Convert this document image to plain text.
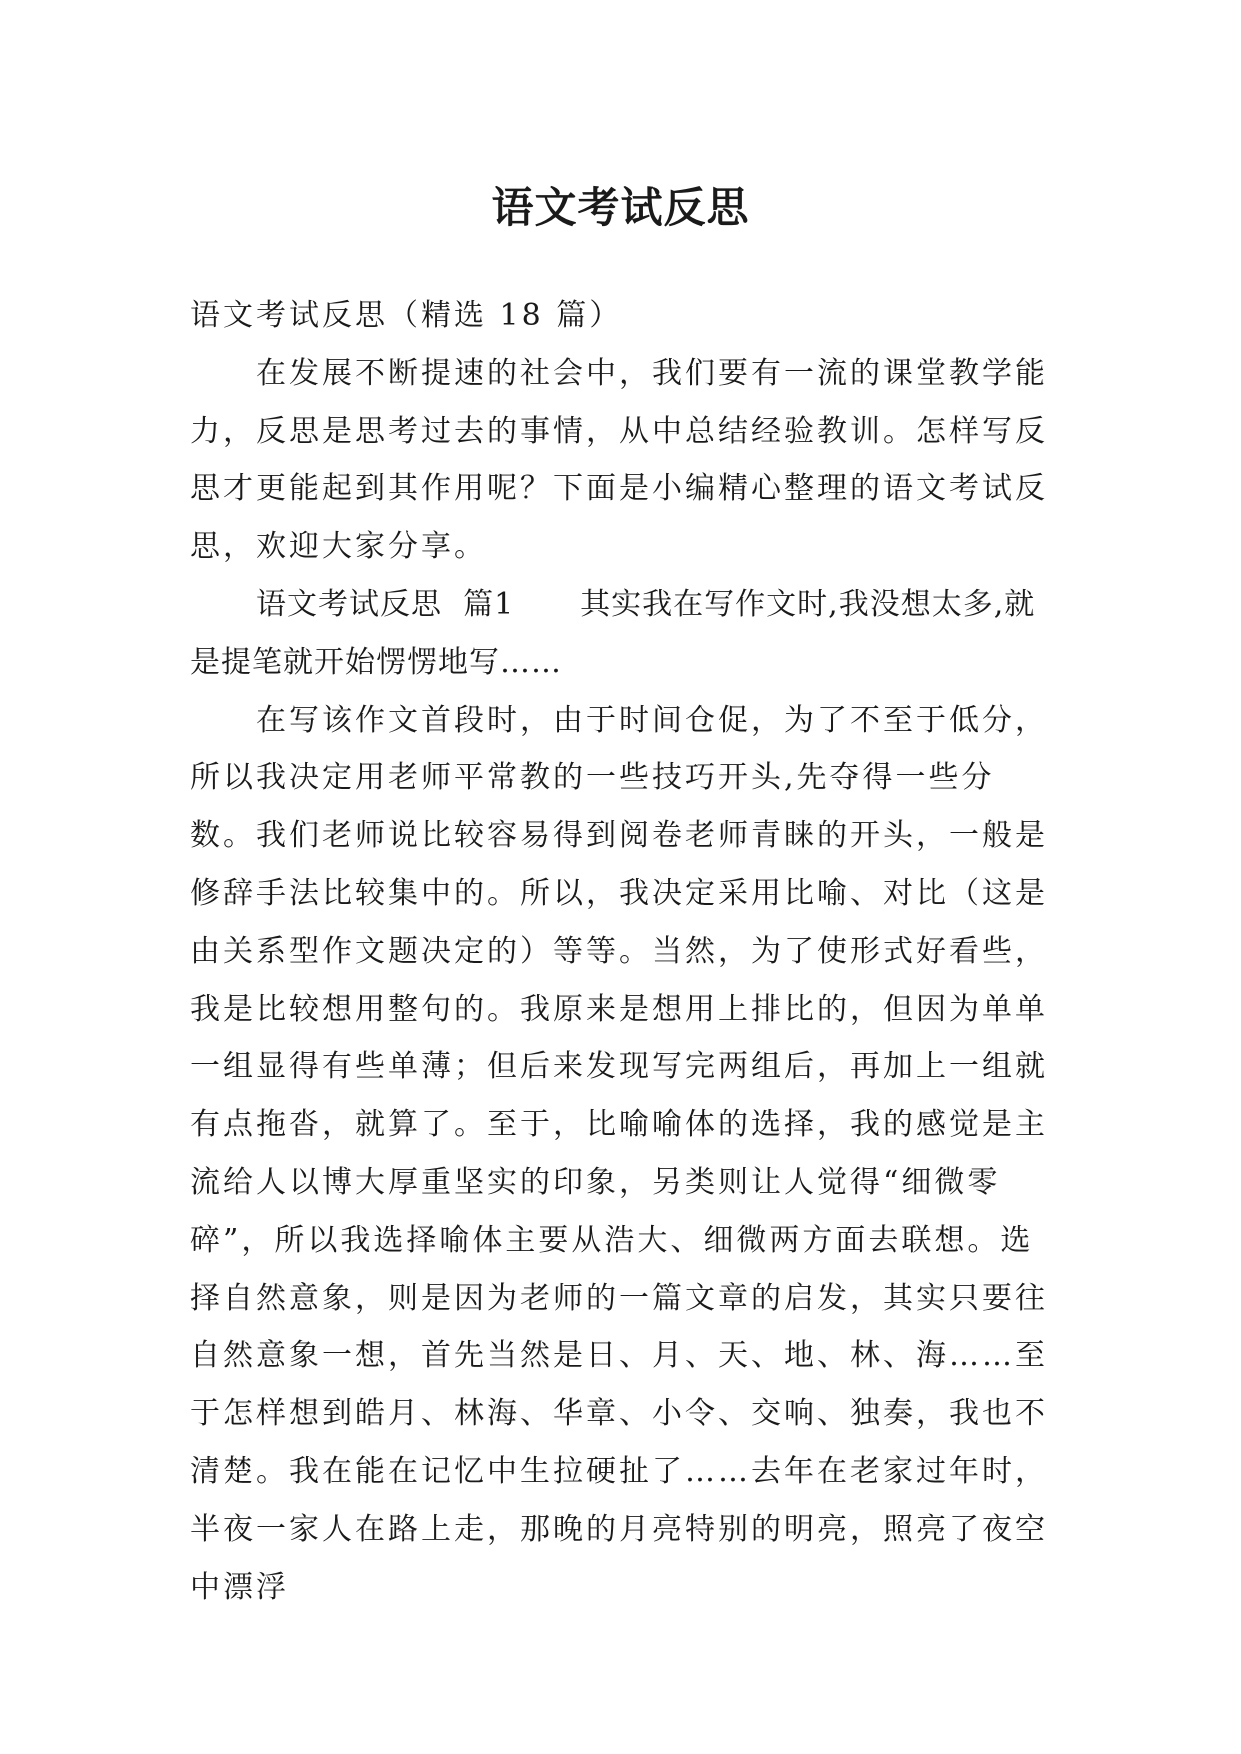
语文考试反思

语文考试反思（精选 18 篇）

在发展不断提速的社会中，我们要有一流的课堂教学能力，反思是思考过去的事情，从中总结经验教训。怎样写反思才更能起到其作用呢？下面是小编精心整理的语文考试反思，欢迎大家分享。

语文考试反思  篇1 其实我在写作文时,我没想太多,就是提笔就开始愣愣地写……

在写该作文首段时，由于时间仓促，为了不至于低分，所以我决定用老师平常教的一些技巧开头,先夺得一些分数。我们老师说比较容易得到阅卷老师青睐的开头，一般是修辞手法比较集中的。所以，我决定采用比喻、对比（这是由关系型作文题决定的）等等。当然，为了使形式好看些，我是比较想用整句的。我原来是想用上排比的，但因为单单一组显得有些单薄；但后来发现写完两组后，再加上一组就有点拖沓，就算了。至于，比喻喻体的选择，我的感觉是主流给人以博大厚重坚实的印象，另类则让人觉得“细微零碎”，所以我选择喻体主要从浩大、细微两方面去联想。选择自然意象，则是因为老师的一篇文章的启发，其实只要往自然意象一想，首先当然是日、月、天、地、林、海……至于怎样想到皓月、林海、华章、小令、交响、独奏，我也不清楚。我在能在记忆中生拉硬扯了……去年在老家过年时，半夜一家人在路上走，那晚的月亮特别的明亮，照亮了夜空中漂浮
